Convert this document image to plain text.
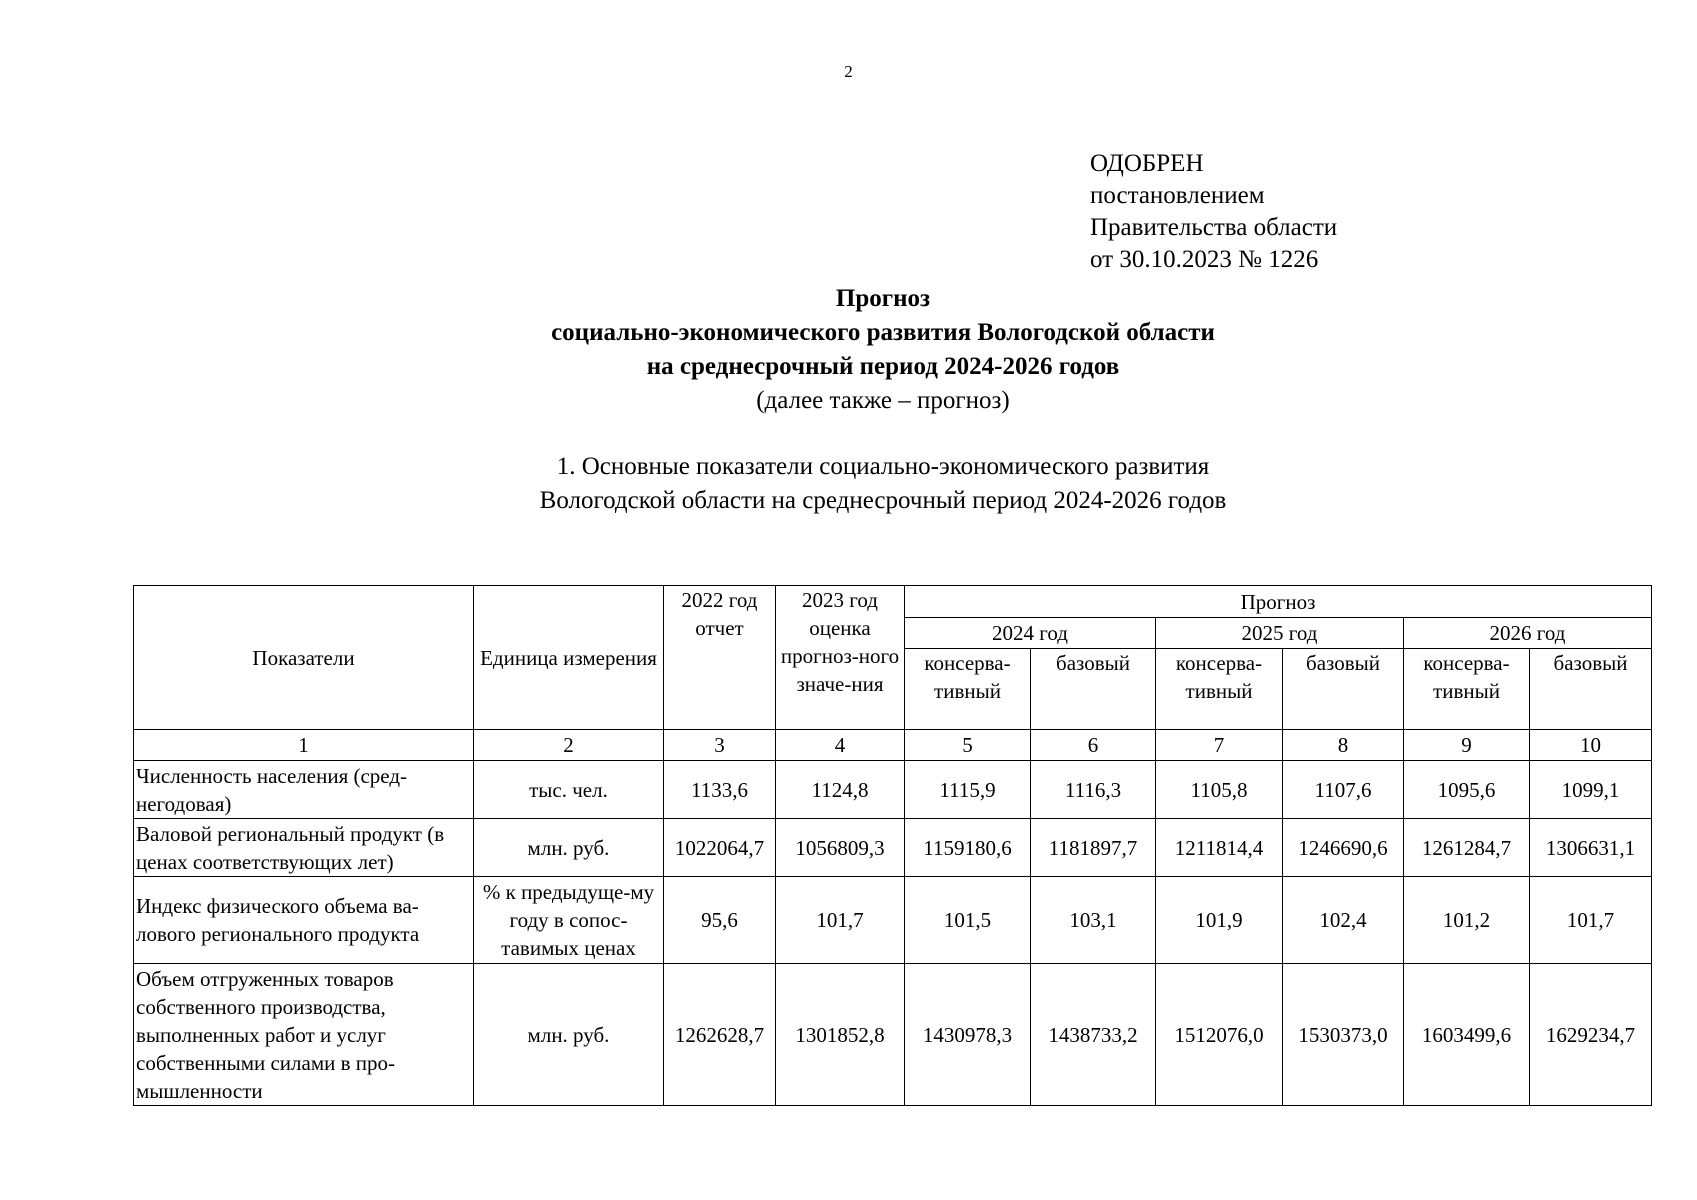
2
ОДОБРЕН
постановлением
Правительства области
от 30.10.2023 № 1226
Прогноз
социально-экономического развития Вологодской области
на среднесрочный период 2024-2026 годов
(далее также – прогноз)
1. Основные показатели социально-экономического развития
Вологодской области на среднесрочный период 2024-2026 годов
Показатели	Единица измерения	2022 год отчет	2023 год оценка прогноз-ного значе-ния	Прогноз					
				2024 год		2025 год		2026 год	
				консерва-тивный	базовый	консерва-тивный	базовый	консерва-тивный	базовый
1	2	3	4	5	6	7	8	9	10
Численность населения (сред-негодовая)	тыс. чел.	1133,6	1124,8	1115,9	1116,3	1105,8	1107,6	1095,6	1099,1
Валовой региональный продукт (в ценах соответствующих лет)	млн. руб.	1022064,7	1056809,3	1159180,6	1181897,7	1211814,4	1246690,6	1261284,7	1306631,1
Индекс физического объема ва-лового регионального продукта	% к предыдуще-му году в сопос-тавимых ценах	95,6	101,7	101,5	103,1	101,9	102,4	101,2	101,7
Объем отгруженных товаров собственного производства, выполненных работ и услуг собственными силами в про-мышленности	млн. руб.	1262628,7	1301852,8	1430978,3	1438733,2	1512076,0	1530373,0	1603499,6	1629234,7
